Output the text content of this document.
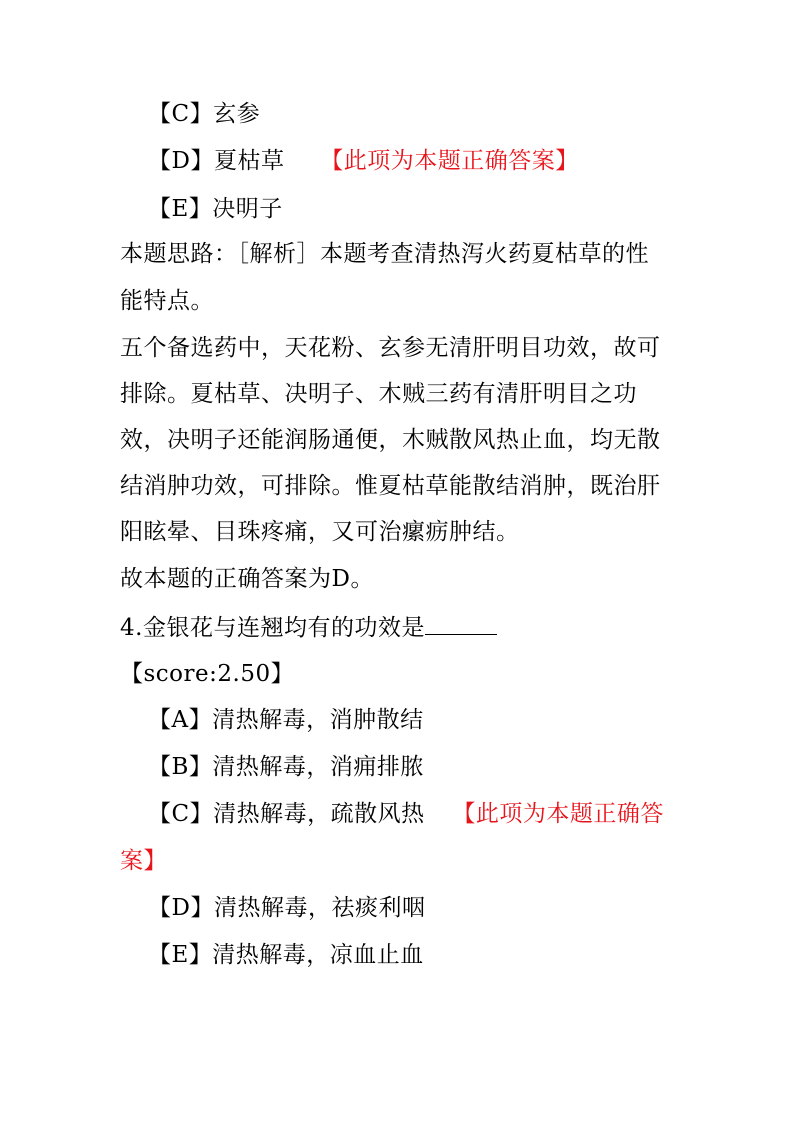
【C】玄参
【D】夏枯草 【此项为本题正确答案】
【E】决明子
本题思路：［解析］本题考查清热泻火药夏枯草的性
能特点。
五个备选药中，天花粉、玄参无清肝明目功效，故可
排除。夏枯草、决明子、木贼三药有清肝明目之功
效，决明子还能润肠通便，木贼散风热止血，均无散
结消肿功效，可排除。惟夏枯草能散结消肿，既治肝
阳眩晕、目珠疼痛，又可治瘰疬肿结。
故本题的正确答案为D。
4.金银花与连翘均有的功效是
【score:2.50】
【A】清热解毒，消肿散结
【B】清热解毒，消痈排脓
【C】清热解毒，疏散风热 【此项为本题正确答
案】
【D】清热解毒，祛痰利咽
【E】清热解毒，凉血止血
